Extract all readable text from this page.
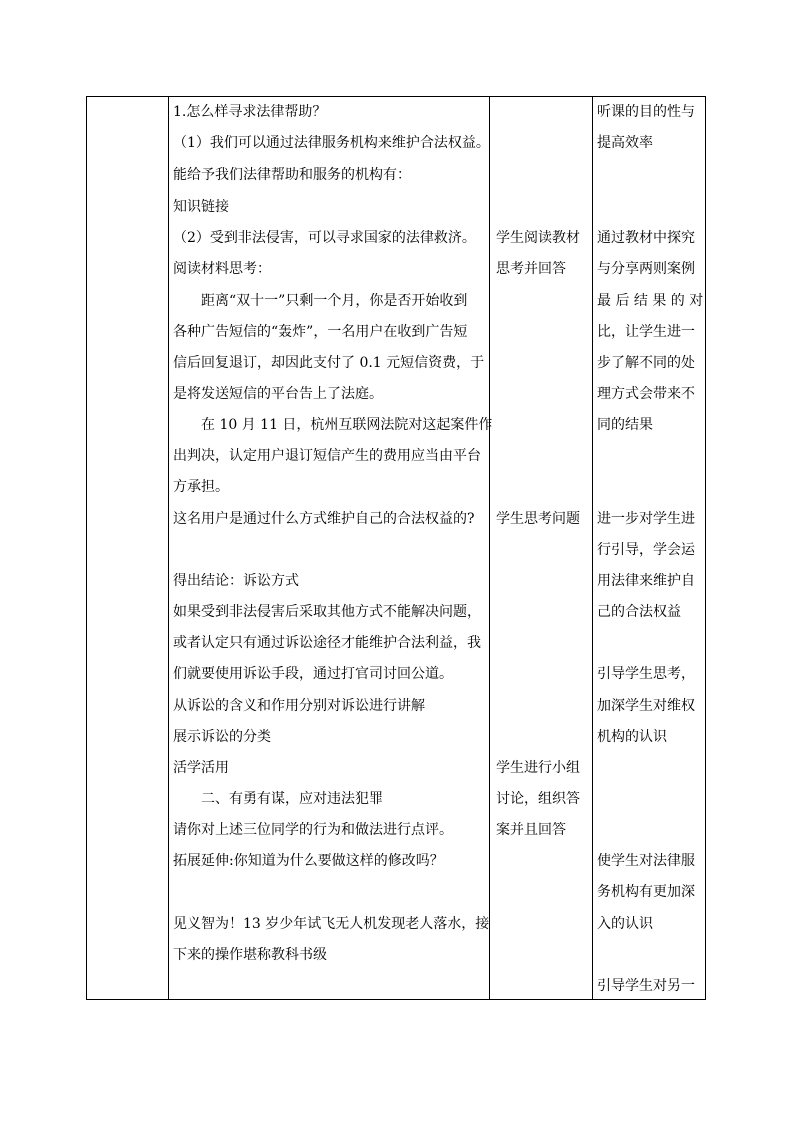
1.怎么样寻求法律帮助？
（1）我们可以通过法律服务机构来维护合法权益。
能给予我们法律帮助和服务的机构有：
知识链接
（2）受到非法侵害，可以寻求国家的法律救济。
阅读材料思考：
距离“双十一”只剩一个月，你是否开始收到
各种广告短信的“轰炸”，一名用户在收到广告短
信后回复退订，却因此支付了 0.1 元短信资费，于
是将发送短信的平台告上了法庭。
在 10 月 11 日，杭州互联网法院对这起案件作
出判决，认定用户退订短信产生的费用应当由平台
方承担。
这名用户是通过什么方式维护自己的合法权益的?
得出结论：诉讼方式
如果受到非法侵害后采取其他方式不能解决问题，
或者认定只有通过诉讼途径才能维护合法利益，我
们就要使用诉讼手段，通过打官司讨回公道。
从诉讼的含义和作用分别对诉讼进行讲解
展示诉讼的分类
活学活用
二、有勇有谋，应对违法犯罪
请你对上述三位同学的行为和做法进行点评。
拓展延伸:你知道为什么要做这样的修改吗？
见义智为！13 岁少年试飞无人机发现老人落水，接
下来的操作堪称教科书级
学生阅读教材
思考并回答
学生思考问题
学生进行小组
讨论，组织答
案并且回答
听课的目的性与
提高效率
通过教材中探究
与分享两则案例
最 后 结 果 的 对
比，让学生进一
步了解不同的处
理方式会带来不
同的结果
进一步对学生进
行引导，学会运
用法律来维护自
己的合法权益
引导学生思考，
加深学生对维权
机构的认识
使学生对法律服
务机构有更加深
入的认识
引导学生对另一
